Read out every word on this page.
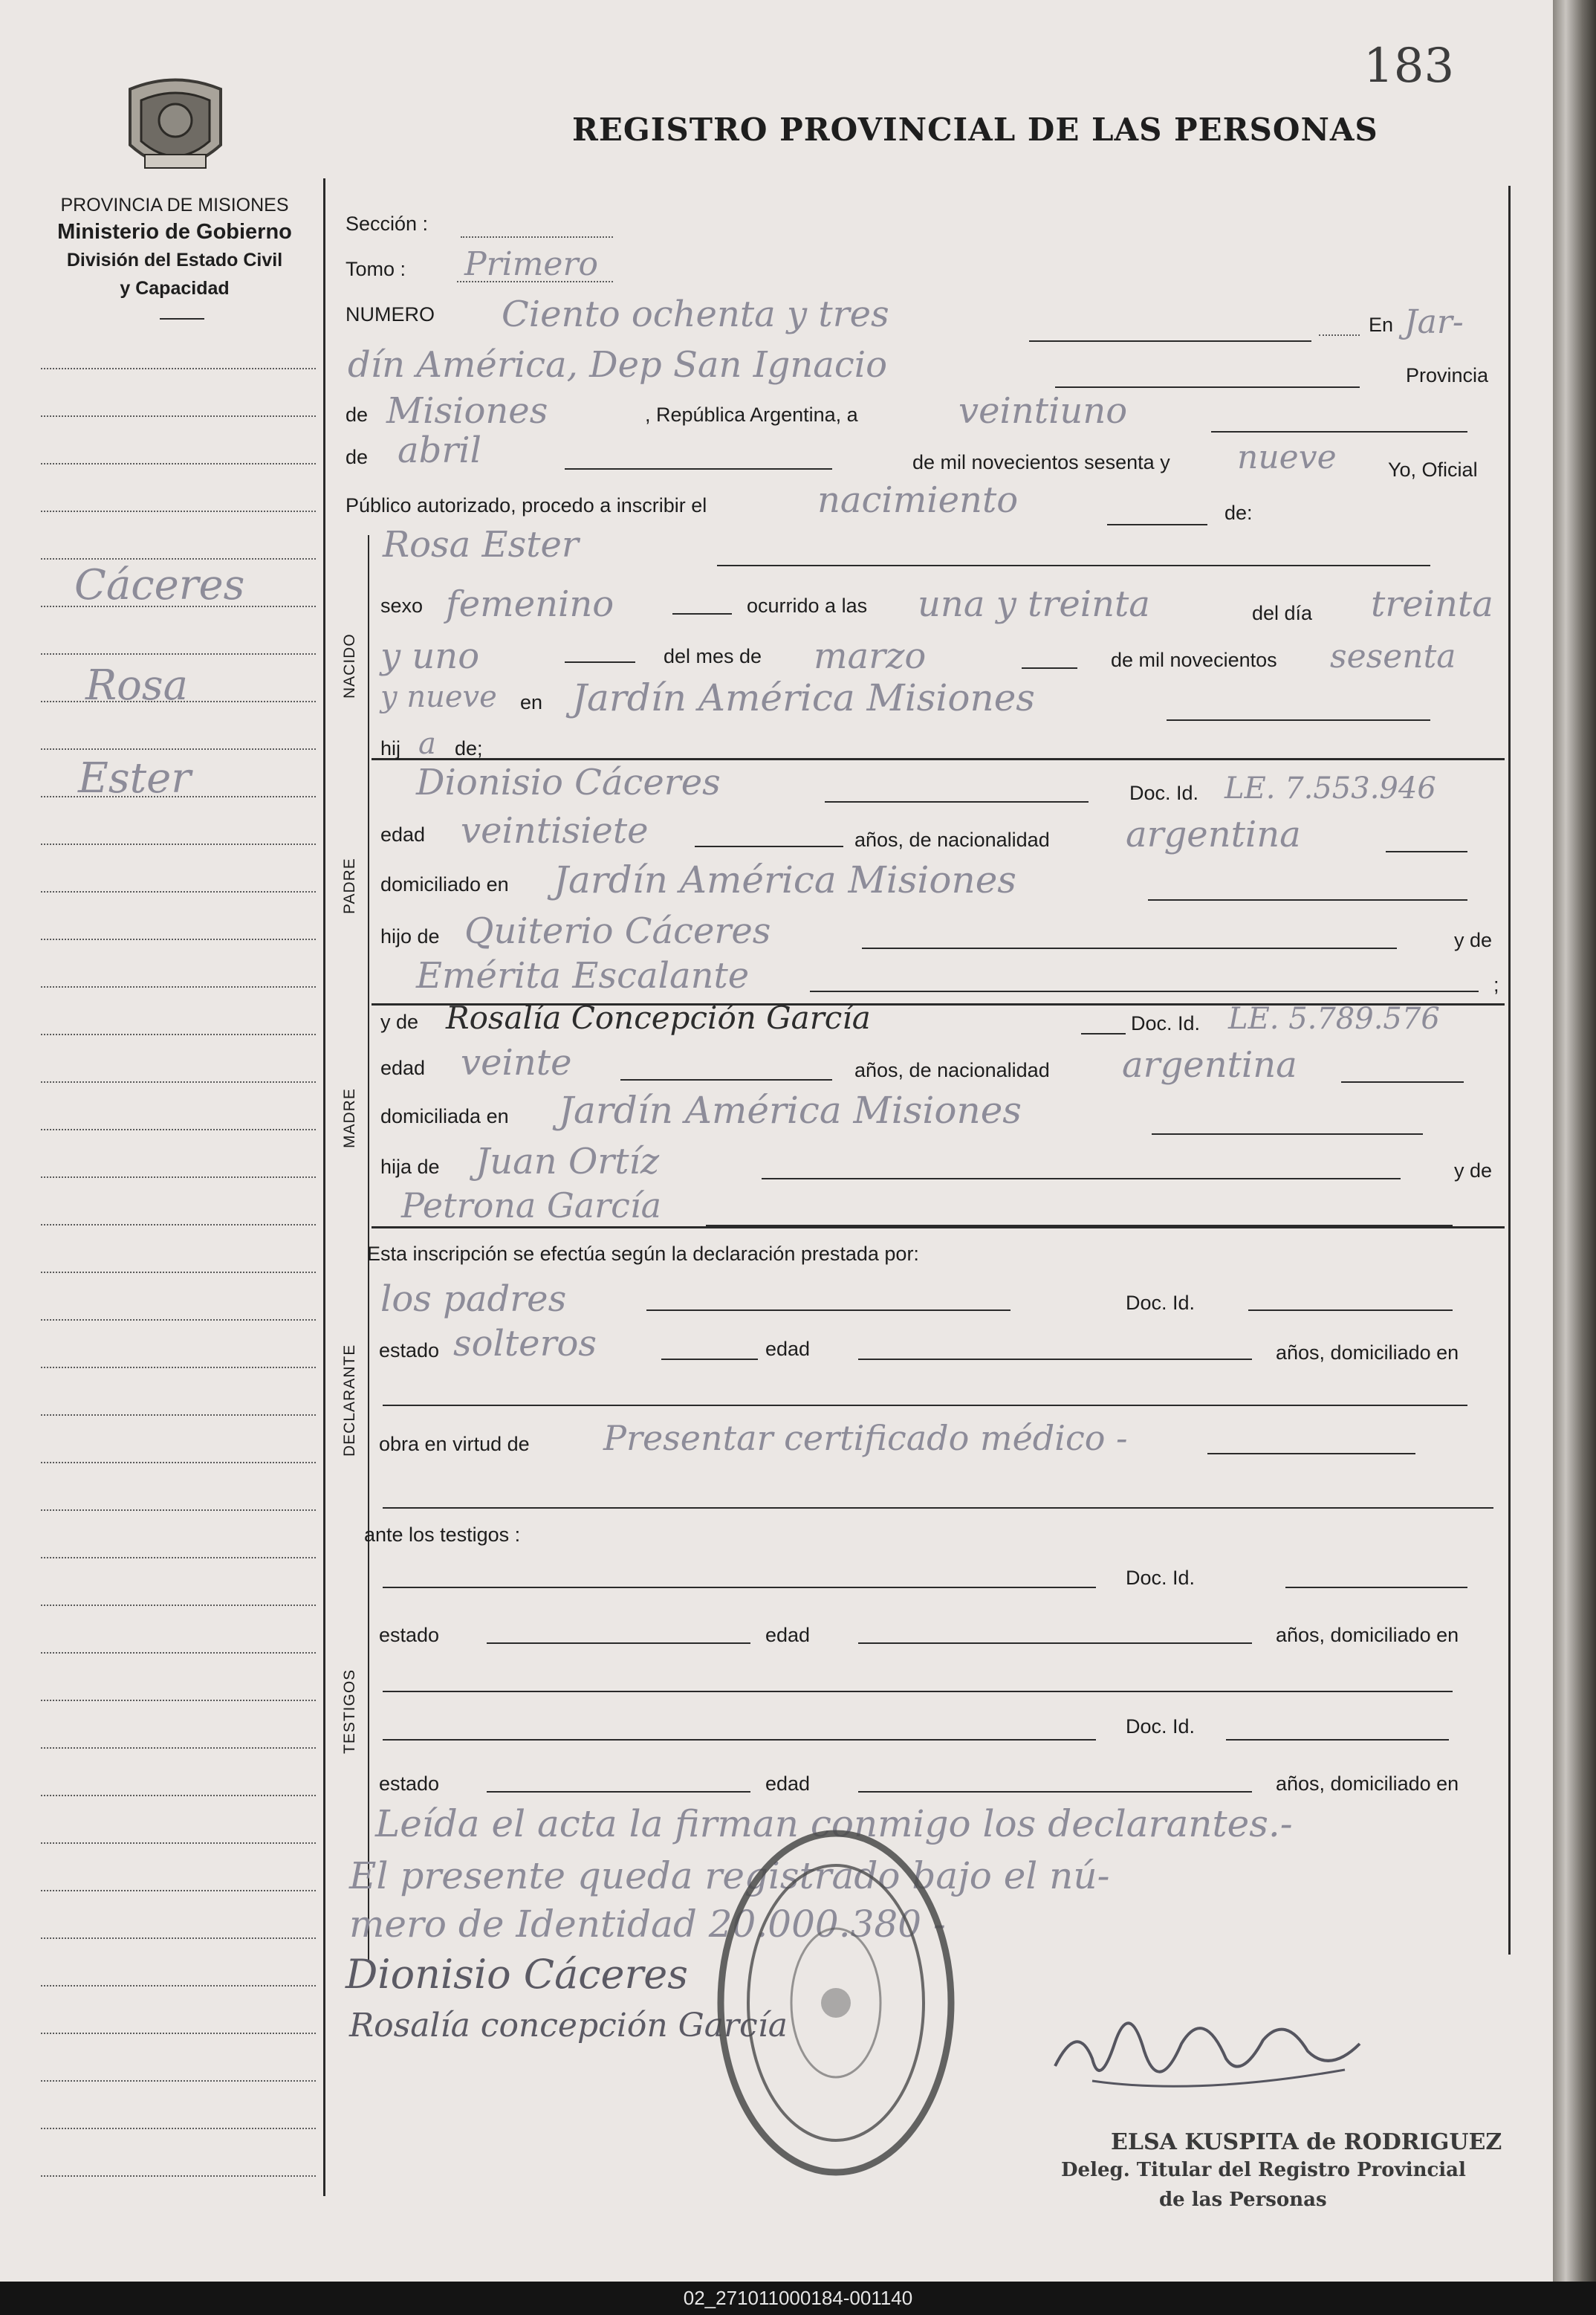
183
REGISTRO PROVINCIAL DE LAS PERSONAS
PROVINCIA DE MISIONES
Ministerio de Gobierno
División del Estado Civil
y Capacidad
Cáceres
Rosa
Ester
NACIDO
PADRE
MADRE
DECLARANTE
TESTIGOS
Sección :
Tomo : Primero
NUMERO Ciento ochenta y tres	En Jar-
dín América, Dep San Ignacio	Provincia
de Misiones	, República Argentina, a	veintiuno
de abril	de mil novecientos sesenta y nueve	Yo, Oficial
Público autorizado, procedo a inscribir el	nacimiento	de:
Rosa Ester
sexo femenino	ocurrido a las una y treinta	del día treinta
y uno	del mes de marzo	de mil novecientos sesenta
y nueve en Jardín América Misiones
hij a de;
Dionisio Cáceres	Doc. Id. LE. 7.553.946
edad veintisiete	años, de nacionalidad argentina
domiciliado en Jardín América Misiones
hijo de Quiterio Cáceres	y de
Emérita Escalante	;
y de Rosalía Concepción García	Doc. Id. LE. 5.789.576
edad veinte	años, de nacionalidad argentina
domiciliada en Jardín América Misiones
hija de Juan Ortíz	y de
Petrona García
Esta inscripción se efectúa según la declaración prestada por:
los padres	Doc. Id.
estado solteros	edad	años, domiciliado en
obra en virtud de Presentar certificado médico -
ante los testigos :
Doc. Id.
estado	edad	años, domiciliado en
Doc. Id.
estado	edad	años, domiciliado en
Leída el acta la firman conmigo los declarantes.-
El presente queda registrado bajo el nú-
mero de Identidad 20.000.380 -
Dionisio Cáceres
Rosalía concepción García
ELSA KUSPITA de RODRIGUEZ
Deleg. Titular del Registro Provincial
de las Personas
02_271011000184-001140
